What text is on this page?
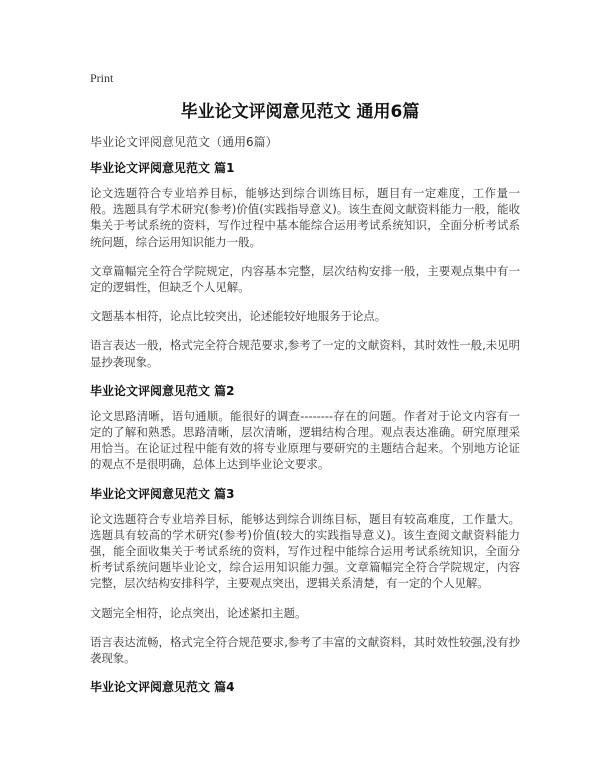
Print
毕业论文评阅意见范文 通用6篇
毕业论文评阅意见范文（通用6篇）
毕业论文评阅意见范文 篇1

论文选题符合专业培养目标，能够达到综合训练目标，题目有一定难度，工作量一般。选题具有学术研究(参考)价值(实践指导意义)。该生查阅文献资料能力一般，能收集关于考试系统的资料，写作过程中基本能综合运用考试系统知识，全面分析考试系统问题，综合运用知识能力一般。

文章篇幅完全符合学院规定，内容基本完整，层次结构安排一般，主要观点集中有一定的逻辑性，但缺乏个人见解。

文题基本相符，论点比较突出，论述能较好地服务于论点。

语言表达一般，格式完全符合规范要求,参考了一定的文献资料，其时效性一般,未见明显抄袭现象。

毕业论文评阅意见范文 篇2

论文思路清晰，语句通顺。能很好的调查--------存在的问题。作者对于论文内容有一定的了解和熟悉。思路清晰，层次清晰，逻辑结构合理。观点表达准确。研究原理采用恰当。在论证过程中能有效的将专业原理与要研究的主题结合起来。个别地方论证的观点不是很明确，总体上达到毕业论文要求。

毕业论文评阅意见范文 篇3

论文选题符合专业培养目标，能够达到综合训练目标，题目有较高难度，工作量大。选题具有较高的学术研究(参考)价值(较大的实践指导意义)。该生查阅文献资料能力强，能全面收集关于考试系统的资料，写作过程中能综合运用考试系统知识，全面分析考试系统问题毕业论文，综合运用知识能力强。文章篇幅完全符合学院规定，内容完整，层次结构安排科学，主要观点突出，逻辑关系清楚，有一定的个人见解。

文题完全相符，论点突出，论述紧扣主题。

语言表达流畅，格式完全符合规范要求,参考了丰富的文献资料，其时效性较强,没有抄袭现象。

毕业论文评阅意见范文 篇4
